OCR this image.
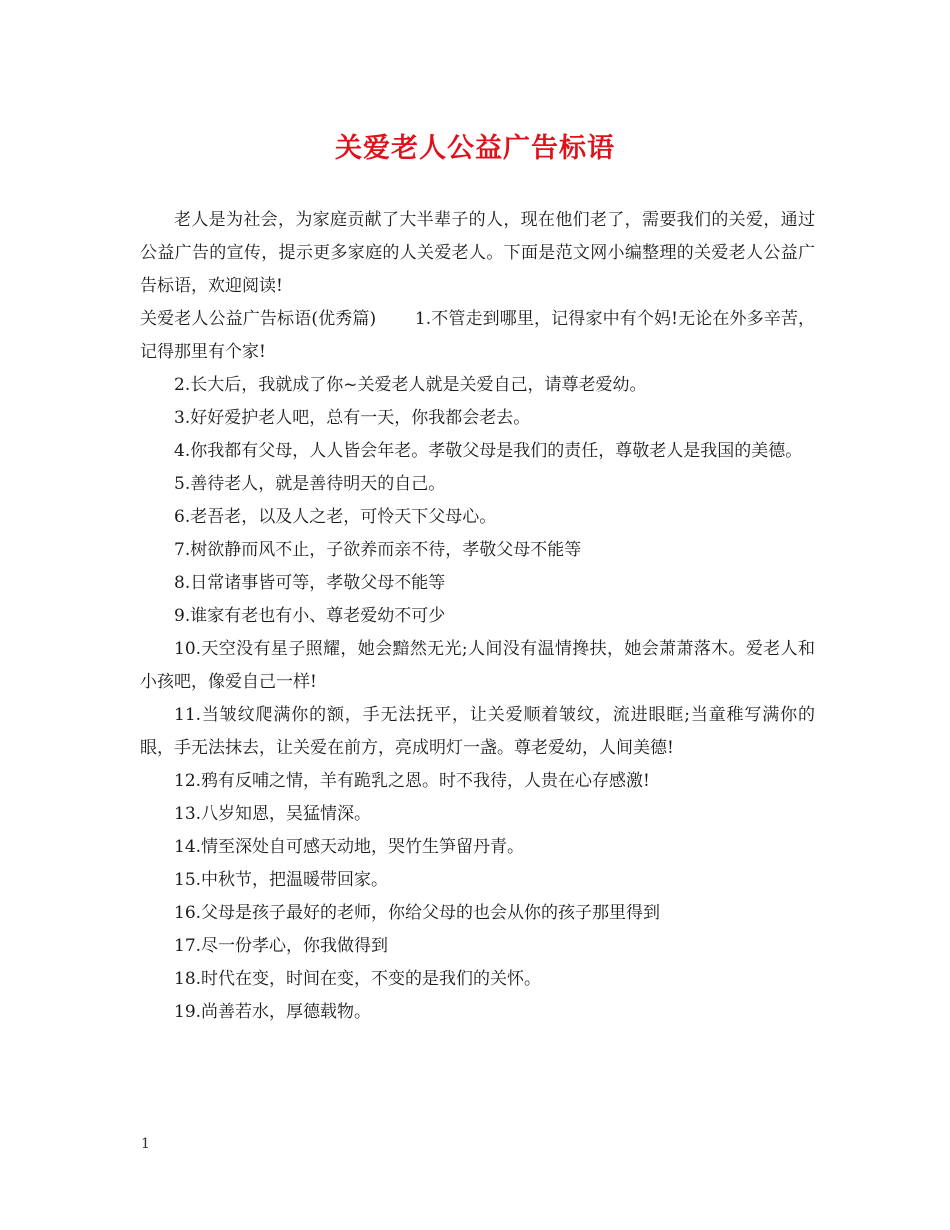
关爱老人公益广告标语

老人是为社会，为家庭贡献了大半辈子的人，现在他们老了，需要我们的关爱，通过公益广告的宣传，提示更多家庭的人关爱老人。下面是范文网小编整理的关爱老人公益广告标语，欢迎阅读!

关爱老人公益广告标语(优秀篇) 1.不管走到哪里，记得家中有个妈!无论在外多辛苦，记得那里有个家!

2.长大后，我就成了你~关爱老人就是关爱自己，请尊老爱幼。

3.好好爱护老人吧，总有一天，你我都会老去。

4.你我都有父母，人人皆会年老。孝敬父母是我们的责任，尊敬老人是我国的美德。

5.善待老人，就是善待明天的自己。

6.老吾老，以及人之老，可怜天下父母心。

7.树欲静而风不止，子欲养而亲不待，孝敬父母不能等

8.日常诸事皆可等，孝敬父母不能等

9.谁家有老也有小、尊老爱幼不可少

10.天空没有星子照耀，她会黯然无光;人间没有温情搀扶，她会萧萧落木。爱老人和小孩吧，像爱自己一样!

11.当皱纹爬满你的额，手无法抚平，让关爱顺着皱纹，流进眼眶;当童稚写满你的眼，手无法抹去，让关爱在前方，亮成明灯一盏。尊老爱幼，人间美德!

12.鸦有反哺之情，羊有跪乳之恩。时不我待，人贵在心存感激!

13.八岁知恩，吴猛情深。

14.情至深处自可感天动地，哭竹生笋留丹青。

15.中秋节，把温暖带回家。

16.父母是孩子最好的老师，你给父母的也会从你的孩子那里得到

17.尽一份孝心，你我做得到

18.时代在变，时间在变，不变的是我们的关怀。

19.尚善若水，厚德载物。

1
